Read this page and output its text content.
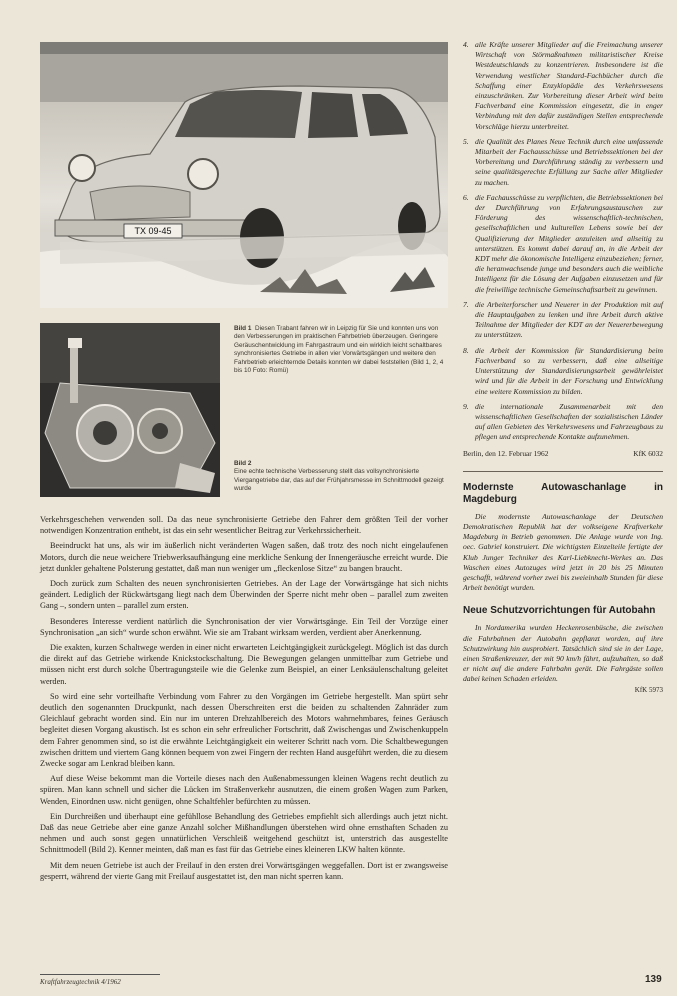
TX 09-45
Bild 1 Diesen Trabant fahren wir in Leipzig für Sie und konnten uns von den Verbesserungen im praktischen Fahrbetrieb überzeugen. Geringere Geräuschentwicklung im Fahrgastraum und ein wirklich leicht schaltbares synchronisiertes Getriebe in allen vier Vorwärtsgängen und weitere den Fahrbetrieb erleichternde Details konnten wir dabei feststellen (Bild 1, 2, 4 bis 10 Foto: Romü)
Bild 2
Eine echte technische Verbesserung stellt das vollsynchronisierte Viergangetriebe dar, das auf der Frühjahrsmesse im Schnittmodell gezeigt wurde

Verkehrsgeschehen verwenden soll. Da das neue synchronisierte Getriebe den Fahrer dem größten Teil der vorher notwendigen Konzentration enthebt, ist das ein sehr wesentlicher Beitrag zur Verkehrssicherheit.

Beeindruckt hat uns, als wir im äußerlich nicht veränderten Wagen saßen, daß trotz des noch nicht eingelaufenen Motors, durch die neue weichere Triebwerksaufhängung eine merkliche Senkung der Innengeräusche erreicht wurde. Die jetzt dunkler gehaltene Polsterung gestattet, daß man nun weniger um „fleckenlose Sitze“ zu bangen braucht.

Doch zurück zum Schalten des neuen synchronisierten Getriebes. An der Lage der Vorwärtsgänge hat sich nichts geändert. Lediglich der Rückwärtsgang liegt nach dem Überwinden der Sperre nicht mehr oben – parallel zum zweiten Gang –, sondern unten – parallel zum ersten.

Besonderes Interesse verdient natürlich die Synchronisation der vier Vorwärtsgänge. Ein Teil der Vorzüge einer Synchronisation „an sich“ wurde schon erwähnt. Wie sie am Trabant wirksam werden, verdient aber Anerkennung.

Die exakten, kurzen Schaltwege werden in einer nicht erwarteten Leichtgängigkeit zurückgelegt. Möglich ist das durch die direkt auf das Getriebe wirkende Knickstockschaltung. Die Bewegungen gelangen unmittelbar zum Getriebe und müssen nicht erst durch solche Übertragungsteile wie die Gelenke zum Beispiel, an einer Lenksäulenschaltung geleitet werden.

So wird eine sehr vorteilhafte Verbindung vom Fahrer zu den Vorgängen im Getriebe hergestellt. Man spürt sehr deutlich den sogenannten Druckpunkt, nach dessen Überschreiten erst die beiden zu schaltenden Zahnräder zum Gleichlauf gebracht worden sind. Ein nur im unteren Drehzahlbereich des Motors wahrnehmbares, feines Geräusch begleitet diesen Vorgang akustisch. Ist es schon ein sehr erfreulicher Fortschritt, daß Zwischengas und Zwischenkuppeln dem Fahrer genommen sind, so ist die erwähnte Leichtgängigkeit ein weiterer Schritt nach vorn. Die Schaltbewegungen zwischen drittem und viertem Gang können bequem von zwei Fingern der rechten Hand ausgeführt werden, die zu diesem Zwecke sogar am Lenkrad bleiben kann.

Auf diese Weise bekommt man die Vorteile dieses nach den Außenabmessungen kleinen Wagens recht deutlich zu spüren. Man kann schnell und sicher die Lücken im Straßenverkehr ausnutzen, die einem großen Wagen zum Parken, Wenden, Einordnen usw. nicht genügen, ohne Schaltfehler befürchten zu müssen.

Ein Durchreißen und überhaupt eine gefühllose Behandlung des Getriebes empfiehlt sich allerdings auch jetzt nicht. Daß das neue Getriebe aber eine ganze Anzahl solcher Mißhandlungen überstehen wird ohne ernsthaften Schaden zu nehmen und auch sonst gegen unnatürlichen Verschleiß weitgehend geschützt ist, unterstrich das ausgestellte Schnittmodell (Bild 2). Kenner meinten, daß man es fast für das Getriebe eines kleineren LKW halten könnte.

Mit dem neuen Getriebe ist auch der Freilauf in den ersten drei Vorwärtsgängen weggefallen. Dort ist er zwangsweise gesperrt, während der vierte Gang mit Freilauf ausgestattet ist, den man nicht sperren kann.

4. alle Kräfte unserer Mitglieder auf die Freimachung unserer Wirtschaft von Störmaßnahmen militaristischer Kreise Westdeutschlands zu konzentrieren. Insbesondere ist die Verwendung westlicher Standard-Fachbücher durch die Schaffung einer Enzyklopädie des Verkehrswesens einzuschränken. Zur Vorbereitung dieser Arbeit wird beim Fachverband eine Kommission eingesetzt, die in enger Verbindung mit den dafür zuständigen Stellen entsprechende Vorschläge hierzu unterbreitet.
5. die Qualität des Planes Neue Technik durch eine umfassende Mitarbeit der Fachausschüsse und Betriebssektionen bei der Vorbereitung und Durchführung ständig zu verbessern und seine qualitätsgerechte Erfüllung zur Sache aller Mitglieder zu machen.
6. die Fachausschüsse zu verpflichten, die Betriebssektionen bei der Durchführung von Erfahrungsaustauschen zur Förderung des wissenschaftlich-technischen, gesellschaftlichen und kulturellen Lebens sowie bei der Qualifizierung der Mitglieder anzuleiten und allseitig zu unterstützen. Es kommt dabei darauf an, in die Arbeit der KDT mehr die ökonomische Intelligenz einzubeziehen; ferner, die heranwachsende junge und besonders auch die weibliche Intelligenz für die Lösung der Aufgaben einzusetzen und für die freiwillige technische Gemeinschaftsarbeit zu gewinnen.
7. die Arbeiterforscher und Neuerer in der Produktion mit auf die Hauptaufgaben zu lenken und ihre Arbeit durch aktive Teilnahme der Mitglieder der KDT an der Neuererbewegung zu unterstützen.
8. die Arbeit der Kommission für Standardisierung beim Fachverband so zu verbessern, daß eine allseitige Unterstützung der Standardisierungsarbeit gewährleistet wird und für die Arbeit in der Forschung und Entwicklung eine weitere Kommission zu bilden.
9. die internationale Zusammenarbeit mit den wissenschaftlichen Gesellschaften der sozialistischen Länder auf allen Gebieten des Verkehrswesens und Fahrzeugbaus zu pflegen und entsprechende Kontakte aufzunehmen.
Berlin, den 12. Februar 1962	KfK 6032
Modernste Autowaschanlage in Magdeburg

Die modernste Autowaschanlage der Deutschen Demokratischen Republik hat der volkseigene Kraftverkehr Magdeburg in Betrieb genommen. Die Anlage wurde von Ing. oec. Gabriel konstruiert. Die wichtigsten Einzelteile fertigte der Klub Junger Techniker des Karl-Liebknecht-Werkes an. Das Waschen eines Autozuges wird jetzt in 20 bis 25 Minuten geschafft, während vorher zwei bis zweieinhalb Stunden für diese Arbeit benötigt wurden.

Neue Schutzvorrichtungen für Autobahn

In Nordamerika wurden Heckenrosenbüsche, die zwischen die Fahrbahnen der Autobahn gepflanzt worden, auf ihre Schutzwirkung hin ausprobiert. Tatsächlich sind sie in der Lage, einen Straßenkreuzer, der mit 90 km/h fährt, aufzuhalten, so daß er nicht auf die andere Fahrbahn gerät. Die Fahrgäste sollen dabei keinen Schaden erleiden.

KfK 5973
Kraftfahrzeugtechnik 4/1962	139
